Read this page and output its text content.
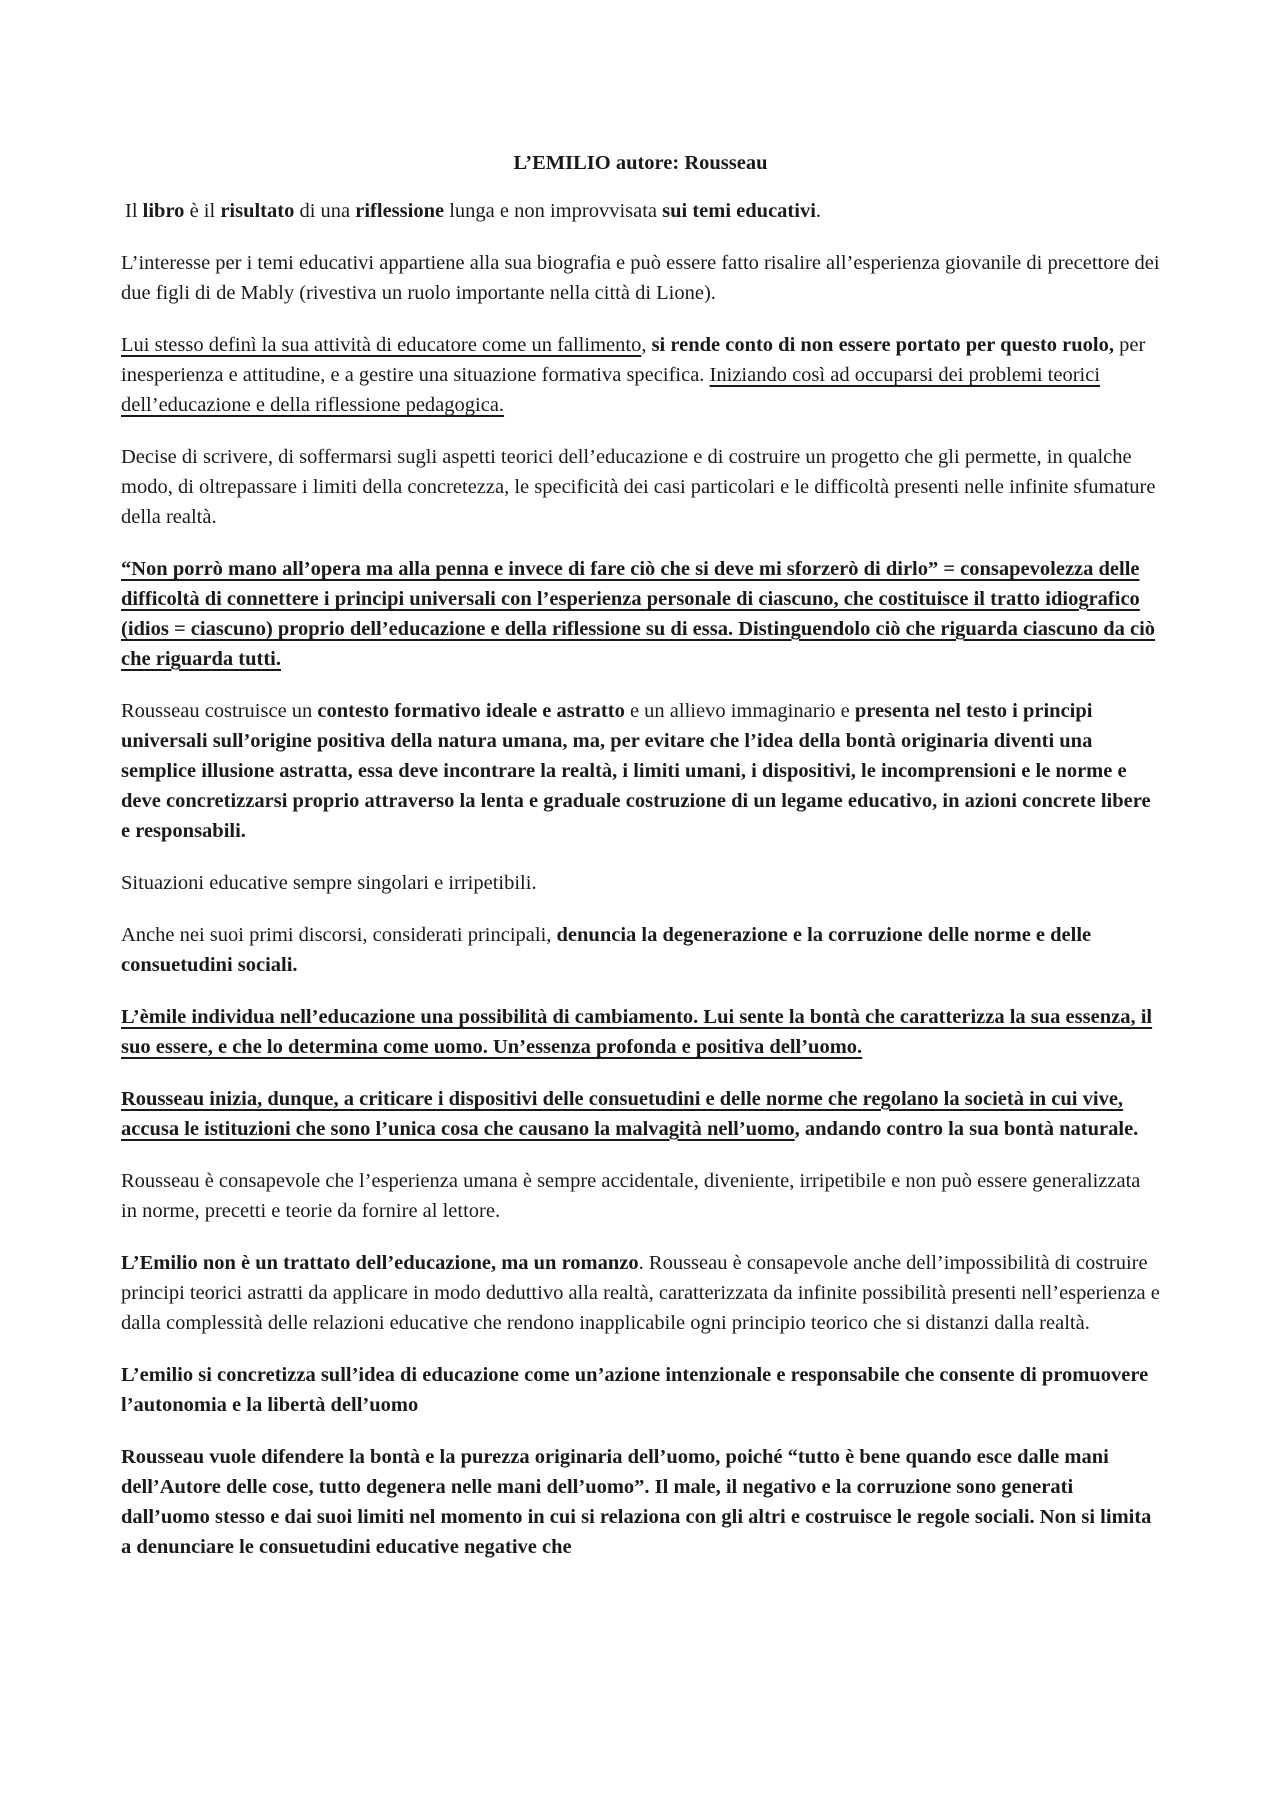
L’EMILIO autore: Rousseau

Il libro è il risultato di una riflessione lunga e non improvvisata sui temi educativi.

L’interesse per i temi educativi appartiene alla sua biografia e può essere fatto risalire all’esperienza giovanile di precettore dei due figli di de Mably (rivestiva un ruolo importante nella città di Lione).

Lui stesso definì la sua attività di educatore come un fallimento, si rende conto di non essere portato per questo ruolo, per inesperienza e attitudine, e a gestire una situazione formativa specifica. Iniziando così ad occuparsi dei problemi teorici dell’educazione e della riflessione pedagogica.

Decise di scrivere, di soffermarsi sugli aspetti teorici dell’educazione e di costruire un progetto che gli permette, in qualche modo, di oltrepassare i limiti della concretezza, le specificità dei casi particolari e le difficoltà presenti nelle infinite sfumature della realtà.

“Non porrò mano all’opera ma alla penna e invece di fare ciò che si deve mi sforzerò di dirlo” = consapevolezza delle difficoltà di connettere i principi universali con l’esperienza personale di ciascuno, che costituisce il tratto idiografico (idios = ciascuno) proprio dell’educazione e della riflessione su di essa. Distinguendolo ciò che riguarda ciascuno da ciò che riguarda tutti.

Rousseau costruisce un contesto formativo ideale e astratto e un allievo immaginario e presenta nel testo i principi universali sull’origine positiva della natura umana, ma, per evitare che l’idea della bontà originaria diventi una semplice illusione astratta, essa deve incontrare la realtà, i limiti umani, i dispositivi, le incomprensioni e le norme e deve concretizzarsi proprio attraverso la lenta e graduale costruzione di un legame educativo, in azioni concrete libere e responsabili.

Situazioni educative sempre singolari e irripetibili.

Anche nei suoi primi discorsi, considerati principali, denuncia la degenerazione e la corruzione delle norme e delle consuetudini sociali.

L’èmile individua nell’educazione una possibilità di cambiamento. Lui sente la bontà che caratterizza la sua essenza, il suo essere, e che lo determina come uomo. Un’essenza profonda e positiva dell’uomo.

Rousseau inizia, dunque, a criticare i dispositivi delle consuetudini e delle norme che regolano la società in cui vive, accusa le istituzioni che sono l’unica cosa che causano la malvagità nell’uomo, andando contro la sua bontà naturale.

Rousseau è consapevole che l’esperienza umana è sempre accidentale, diveniente, irripetibile e non può essere generalizzata in norme, precetti e teorie da fornire al lettore.

L’Emilio non è un trattato dell’educazione, ma un romanzo. Rousseau è consapevole anche dell’impossibilità di costruire principi teorici astratti da applicare in modo deduttivo alla realtà, caratterizzata da infinite possibilità presenti nell’esperienza e dalla complessità delle relazioni educative che rendono inapplicabile ogni principio teorico che si distanzi dalla realtà.

L’emilio si concretizza sull’idea di educazione come un’azione intenzionale e responsabile che consente di promuovere l’autonomia e la libertà dell’uomo

Rousseau vuole difendere la bontà e la purezza originaria dell’uomo, poiché “tutto è bene quando esce dalle mani dell’Autore delle cose, tutto degenera nelle mani dell’uomo”. Il male, il negativo e la corruzione sono generati dall’uomo stesso e dai suoi limiti nel momento in cui si relaziona con gli altri e costruisce le regole sociali. Non si limita a denunciare le consuetudini educative negative che
